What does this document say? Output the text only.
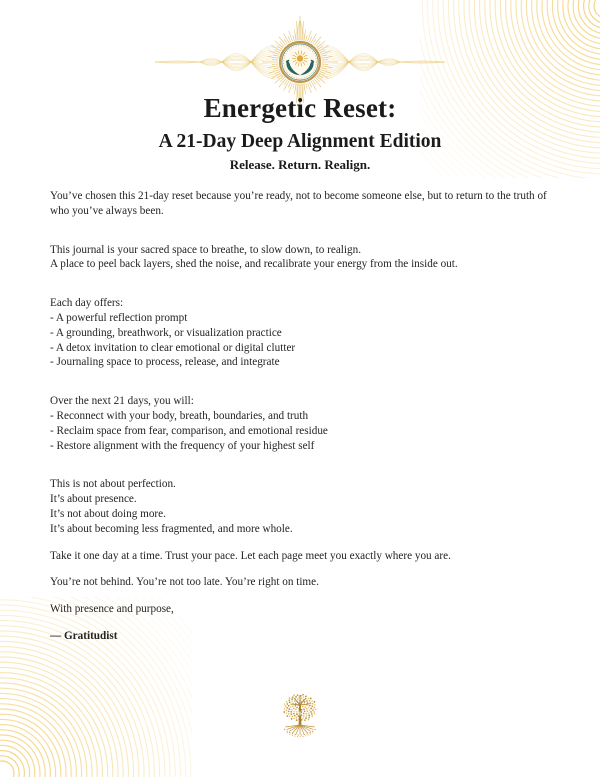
Energetic Reset:
A 21-Day Deep Alignment Edition
Release. Return. Realign.

You’ve chosen this 21-day reset because you’re ready, not to become someone else, but to return to the truth of who you’ve always been.

This journal is your sacred space to breathe, to slow down, to realign.
A place to peel back layers, shed the noise, and recalibrate your energy from the inside out.
Each day offers:
- A powerful reflection prompt
- A grounding, breathwork, or visualization practice
- A detox invitation to clear emotional or digital clutter
- Journaling space to process, release, and integrate
Over the next 21 days, you will:
- Reconnect with your body, breath, boundaries, and truth
- Reclaim space from fear, comparison, and emotional residue
- Restore alignment with the frequency of your highest self
This is not about perfection.
It’s about presence.
It’s not about doing more.
It’s about becoming less fragmented, and more whole.

Take it one day at a time. Trust your pace. Let each page meet you exactly where you are.

You’re not behind. You’re not too late. You’re right on time.

With presence and purpose,

— Gratitudist
